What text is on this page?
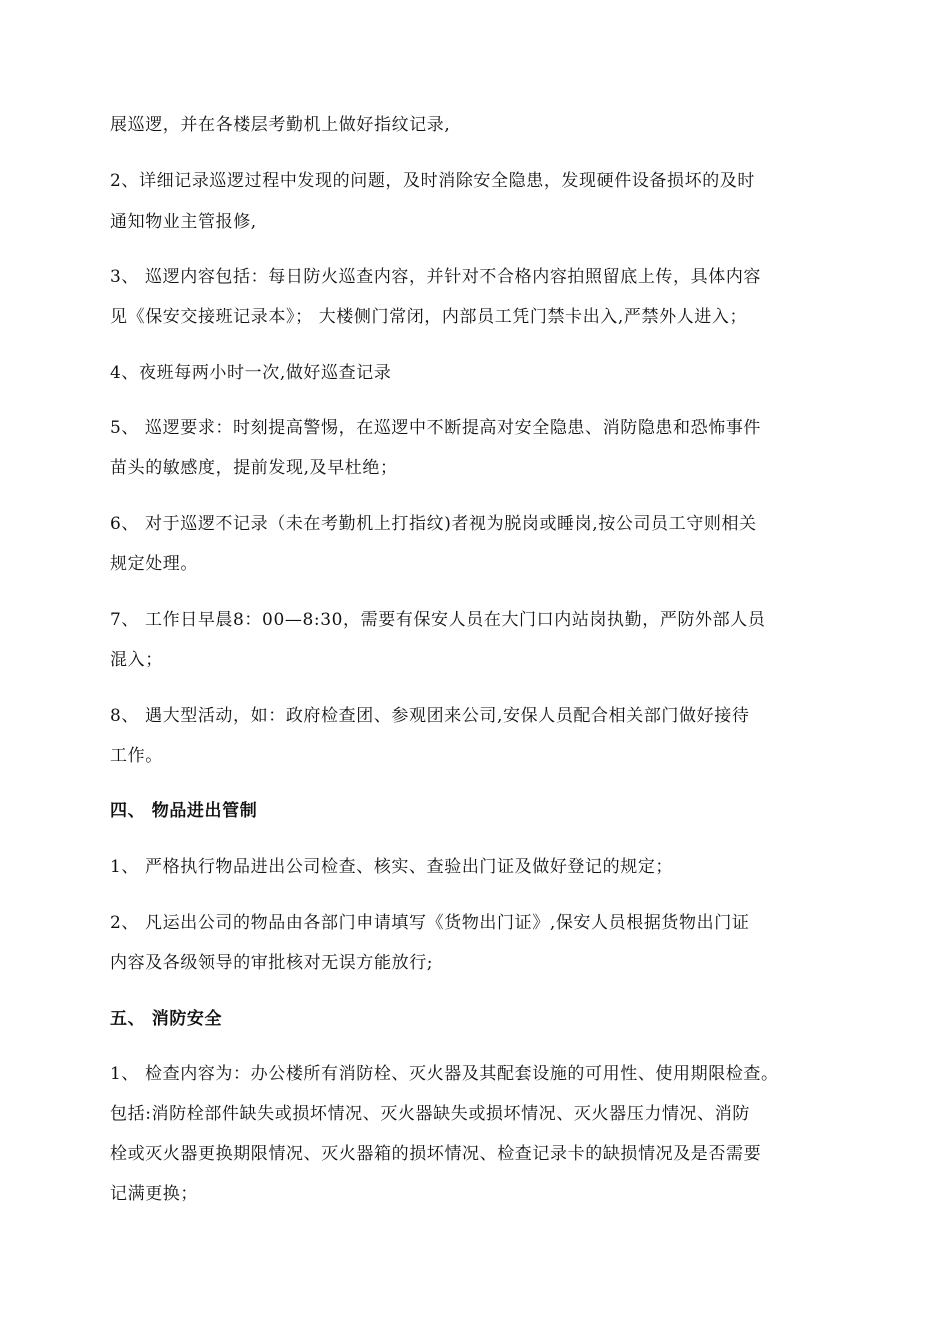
展巡逻，并在各楼层考勤机上做好指纹记录,
2、详细记录巡逻过程中发现的问题，及时消除安全隐患，发现硬件设备损坏的及时
通知物业主管报修,
3、 巡逻内容包括：每日防火巡查内容，并针对不合格内容拍照留底上传，具体内容
见《保安交接班记录本》； 大楼侧门常闭，内部员工凭门禁卡出入,严禁外人进入；
4、夜班每两小时一次,做好巡查记录
5、 巡逻要求：时刻提高警惕，在巡逻中不断提高对安全隐患、消防隐患和恐怖事件
苗头的敏感度，提前发现,及早杜绝；
6、 对于巡逻不记录（未在考勤机上打指纹)者视为脱岗或睡岗,按公司员工守则相关
规定处理。
7、 工作日早晨8：00—8:30，需要有保安人员在大门口内站岗执勤，严防外部人员
混入；
8、 遇大型活动，如：政府检查团、参观团来公司,安保人员配合相关部门做好接待
工作。
四、 物品进出管制
1、 严格执行物品进出公司检查、核实、查验出门证及做好登记的规定；
2、 凡运出公司的物品由各部门申请填写《货物出门证》,保安人员根据货物出门证
内容及各级领导的审批核对无误方能放行;
五、 消防安全
1、 检查内容为：办公楼所有消防栓、灭火器及其配套设施的可用性、使用期限检查。
包括:消防栓部件缺失或损坏情况、灭火器缺失或损坏情况、灭火器压力情况、消防
栓或灭火器更换期限情况、灭火器箱的损坏情况、检查记录卡的缺损情况及是否需要
记满更换；
